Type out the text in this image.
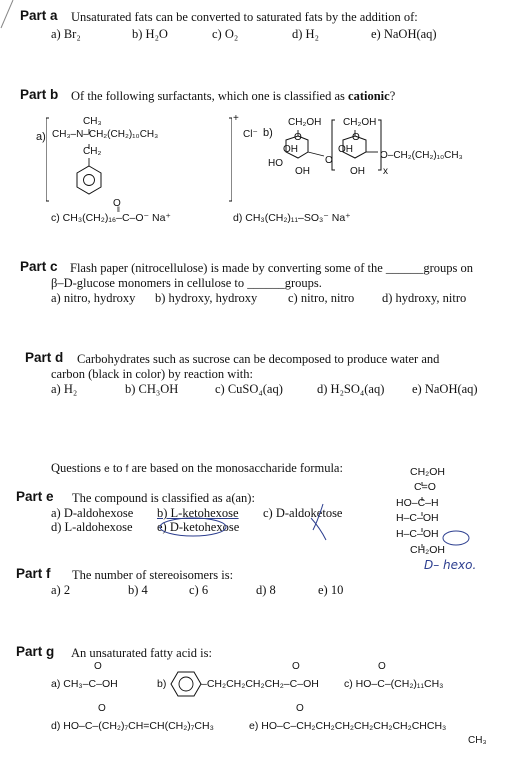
Part a Unsaturated fats can be converted to saturated fats by the addition of:
a) Br₂	b) H₂O	c) O₂	d) H₂	e) NaOH(aq)
Part b Of the following surfactants, which one is classified as cationic?
a)
CH₃
CH₃–N–CH₂(CH₂)₁₀CH₃
CH₂
+
Cl⁻ b)
CH₂OH CH₂OH
O	O
OH	OH
HO	O
OH	OH
O–CH₂(CH₂)₁₀CH₃
x
O
‖
c) CH₃(CH₂)₁₆–C–O⁻ Na⁺	d) CH₃(CH₂)₁₁–SO₃⁻ Na⁺
Part c Flash paper (nitrocellulose) is made by converting some of the ______groups on
β–D-glucose monomers in cellulose to ______groups.
a) nitro, hydroxy b) hydroxy, hydroxy c) nitro, nitro d) hydroxy, nitro
Part d Carbohydrates such as sucrose can be decomposed to produce water and
carbon (black in color) by reaction with:
a) H₂	b) CH₃OH	c) CuSO₄(aq)	d) H₂SO₄(aq) e) NaOH(aq)
Questions e to f are based on the monosaccharide formula:	CH₂OH
C=O
HO–C–H
H–C–OH
H–C–OH
CH₂OH
D– hexo.
Part e The compound is classified as a(an):
a) D-aldohexose b) L-ketohexose c) D-aldoketose
d) L-aldohexose e) D-ketohexose
Part f The number of stereoisomers is:
a) 2	b) 4	c) 6	d) 8	e) 10
Part g An unsaturated fatty acid is:
O
a) CH₃–C–OH	b)
O
–CH₂CH₂CH₂CH₂–C–OH
O
c) HO–C–(CH₂)₁₁CH₃
O
d) HO–C–(CH₂)₇CH=CH(CH₂)₇CH₃
O
e) HO–C–CH₂CH₂CH₂CH₂CH₂CH₂CHCH₃
CH₃
